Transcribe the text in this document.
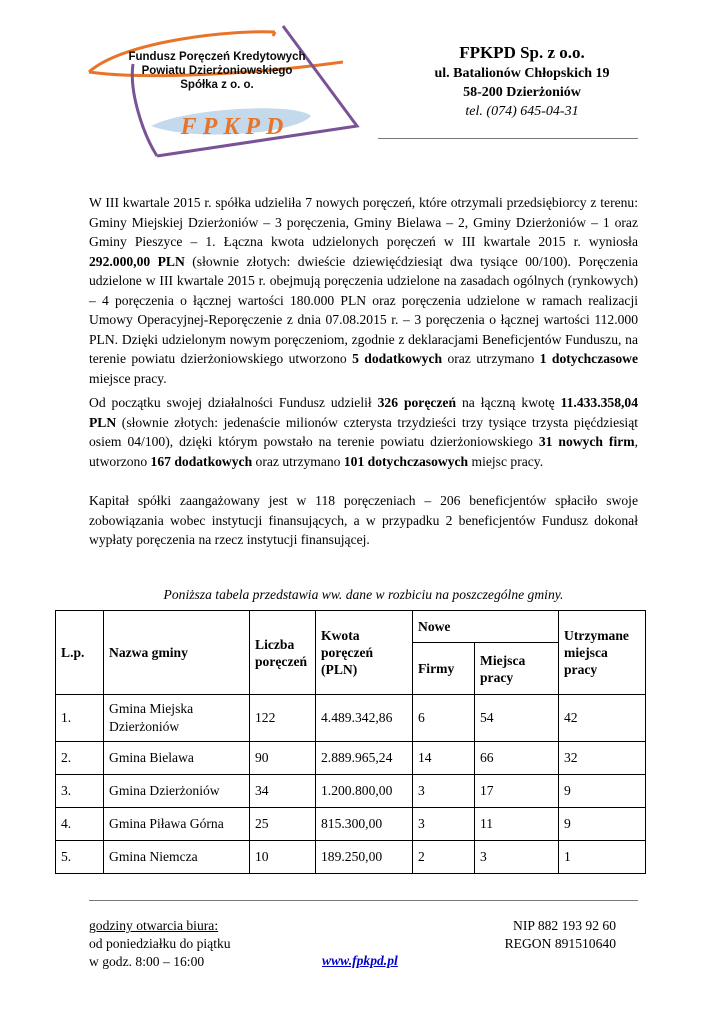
Fundusz Poręczeń Kredytowych
Powiatu Dzierżoniowskiego
Spółka z o. o.
FPKPD
FPKPD Sp. z o.o.
ul. Batalionów Chłopskich 19
58-200 Dzierżoniów
tel. (074) 645-04-31
W III kwartale 2015 r. spółka udzieliła 7 nowych poręczeń, które otrzymali przedsiębiorcy z terenu: Gminy Miejskiej Dzierżoniów – 3 poręczenia, Gminy Bielawa – 2, Gminy Dzierżoniów – 1 oraz Gminy Pieszyce – 1. Łączna kwota udzielonych poręczeń w III kwartale 2015 r. wyniosła 292.000,00 PLN (słownie złotych: dwieście dziewięćdziesiąt dwa tysiące 00/100). Poręczenia udzielone w III kwartale 2015 r. obejmują poręczenia udzielone na zasadach ogólnych (rynkowych) – 4 poręczenia o łącznej wartości 180.000 PLN oraz poręczenia udzielone w ramach realizacji Umowy Operacyjnej-Reporęczenie z dnia 07.08.2015 r. – 3 poręczenia o łącznej wartości 112.000 PLN. Dzięki udzielonym nowym poręczeniom, zgodnie z deklaracjami Beneficjentów Funduszu, na terenie powiatu dzierżoniowskiego utworzono 5 dodatkowych oraz utrzymano 1 dotychczasowe miejsce pracy.
Od początku swojej działalności Fundusz udzielił 326 poręczeń na łączną kwotę 11.433.358,04 PLN (słownie złotych: jedenaście milionów czterysta trzydzieści trzy tysiące trzysta pięćdziesiąt osiem 04/100), dzięki którym powstało na terenie powiatu dzierżoniowskiego 31 nowych firm, utworzono 167 dodatkowych oraz utrzymano 101 dotychczasowych miejsc pracy.
Kapitał spółki zaangażowany jest w 118 poręczeniach – 206 beneficjentów spłaciło swoje zobowiązania wobec instytucji finansujących, a w przypadku 2 beneficjentów Fundusz dokonał wypłaty poręczenia na rzecz instytucji finansującej.
Poniższa tabela przedstawia ww. dane w rozbiciu na poszczególne gminy.
L.p.	Nazwa gminy	Liczba poręczeń	Kwota poręczeń (PLN)	Nowe		Utrzymane miejsca pracy
				Firmy	Miejsca pracy	
1.	Gmina Miejska Dzierżoniów	122	4.489.342,86	6	54	42
2.	Gmina Bielawa	90	2.889.965,24	14	66	32
3.	Gmina Dzierżoniów	34	1.200.800,00	3	17	9
4.	Gmina Piława Górna	25	815.300,00	3	11	9
5.	Gmina Niemcza	10	189.250,00	2	3	1
godziny otwarcia biura:
od poniedziałku do piątku
w godz. 8:00 – 16:00	www.fpkpd.pl
NIP 882 193 92 60
REGON 891510640
